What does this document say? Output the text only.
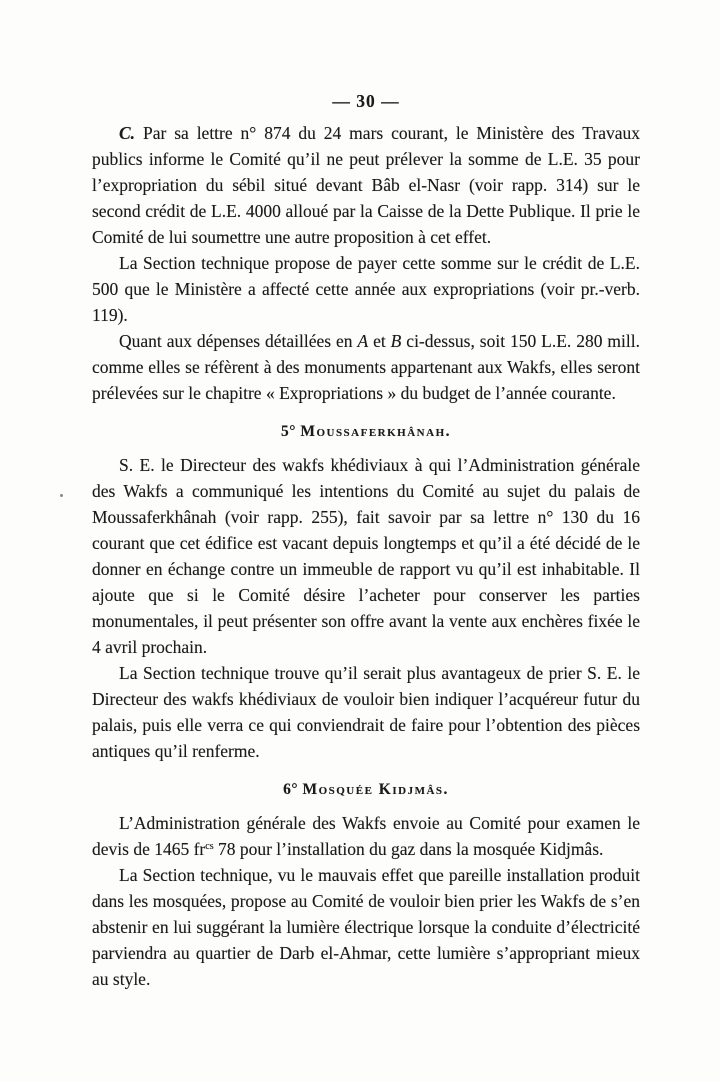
— 30 —

C. Par sa lettre n° 874 du 24 mars courant, le Ministère des Travaux publics informe le Comité qu’il ne peut prélever la somme de L.E. 35 pour l’expropriation du sébil situé devant Bâb el-Nasr (voir rapp. 314) sur le second crédit de L.E. 4000 alloué par la Caisse de la Dette Publique. Il prie le Comité de lui soumettre une autre proposition à cet effet.

La Section technique propose de payer cette somme sur le crédit de L.E. 500 que le Ministère a affecté cette année aux expropriations (voir pr.-verb. 119).

Quant aux dépenses détaillées en A et B ci-dessus, soit 150 L.E. 280 mill. comme elles se réfèrent à des monuments appartenant aux Wakfs, elles seront prélevées sur le chapitre « Expropriations » du budget de l’année courante.

5° Moussaferkhânah.

S. E. le Directeur des wakfs khédiviaux à qui l’Administration générale des Wakfs a communiqué les intentions du Comité au sujet du palais de Moussaferkhânah (voir rapp. 255), fait savoir par sa lettre n° 130 du 16 courant que cet édifice est vacant depuis longtemps et qu’il a été décidé de le donner en échange contre un immeuble de rapport vu qu’il est inhabitable. Il ajoute que si le Comité désire l’acheter pour conserver les parties monumentales, il peut présenter son offre avant la vente aux enchères fixée le 4 avril prochain.

La Section technique trouve qu’il serait plus avantageux de prier S. E. le Directeur des wakfs khédiviaux de vouloir bien indiquer l’acquéreur futur du palais, puis elle verra ce qui conviendrait de faire pour l’obtention des pièces antiques qu’il renferme.

6° Mosquée Kidjmâs.

L’Administration générale des Wakfs envoie au Comité pour examen le devis de 1465 $fr^{cs}$ 78 pour l’installation du gaz dans la mosquée Kidjmâs.

La Section technique, vu le mauvais effet que pareille installation produit dans les mosquées, propose au Comité de vouloir bien prier les Wakfs de s’en abstenir en lui suggérant la lumière électrique lorsque la conduite d’électricité parviendra au quartier de Darb el-Ahmar, cette lumière s’appropriant mieux au style.
